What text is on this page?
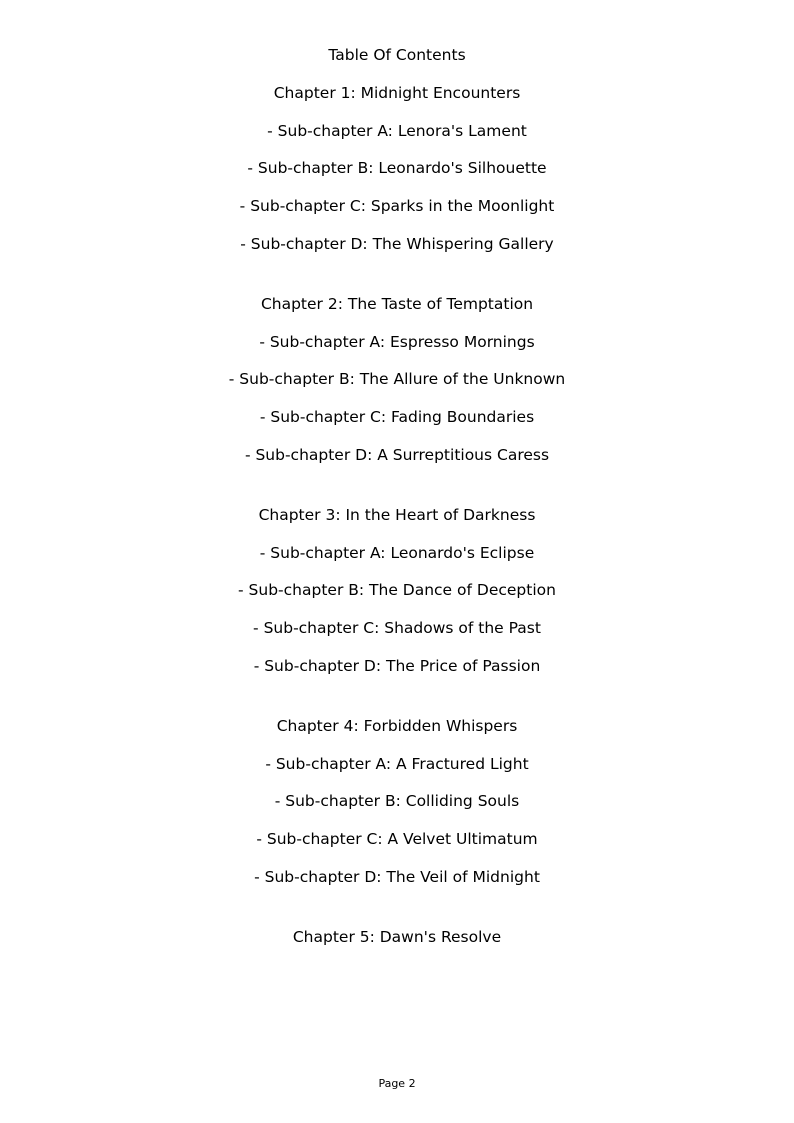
Table Of Contents
Chapter 1: Midnight Encounters
- Sub-chapter A: Lenora's Lament
- Sub-chapter B: Leonardo's Silhouette
- Sub-chapter C: Sparks in the Moonlight
- Sub-chapter D: The Whispering Gallery
Chapter 2: The Taste of Temptation
- Sub-chapter A: Espresso Mornings
- Sub-chapter B: The Allure of the Unknown
- Sub-chapter C: Fading Boundaries
- Sub-chapter D: A Surreptitious Caress
Chapter 3: In the Heart of Darkness
- Sub-chapter A: Leonardo's Eclipse
- Sub-chapter B: The Dance of Deception
- Sub-chapter C: Shadows of the Past
- Sub-chapter D: The Price of Passion
Chapter 4: Forbidden Whispers
- Sub-chapter A: A Fractured Light
- Sub-chapter B: Colliding Souls
- Sub-chapter C: A Velvet Ultimatum
- Sub-chapter D: The Veil of Midnight
Chapter 5: Dawn's Resolve
Page 2
